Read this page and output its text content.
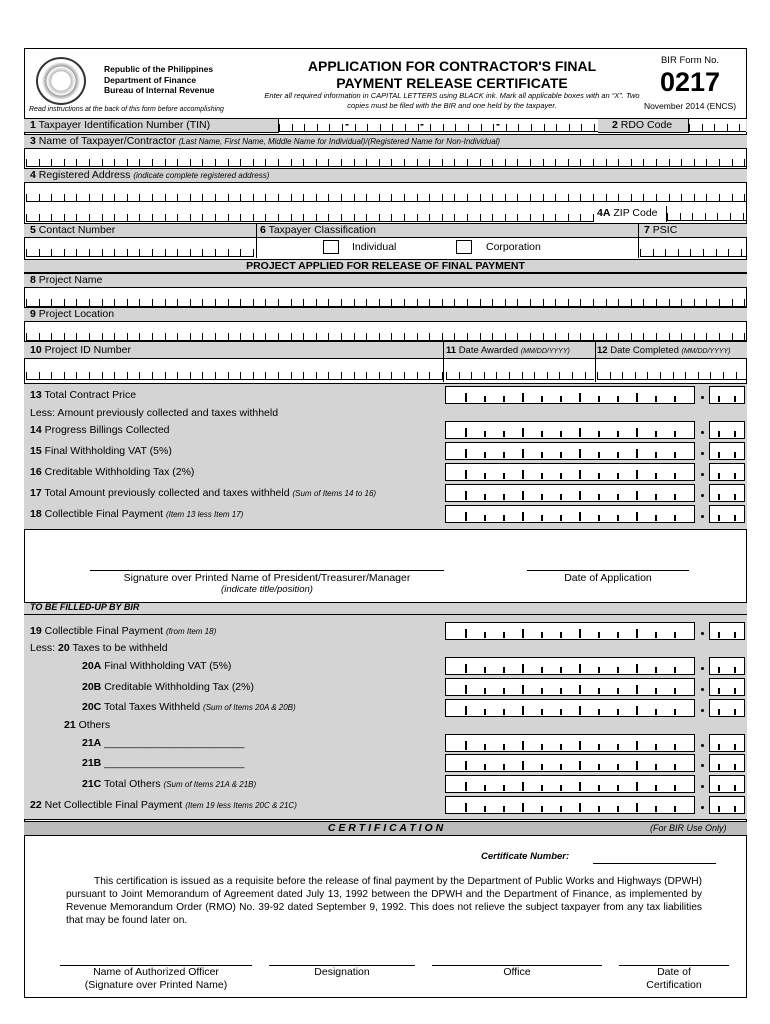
Republic of the Philippines
Department of Finance
Bureau of Internal Revenue
APPLICATION FOR CONTRACTOR'S FINAL
PAYMENT RELEASE CERTIFICATE
Enter all required information in CAPITAL LETTERS using BLACK ink. Mark all applicable boxes with an “X”. Two copies must be filed with the BIR and one held by the taxpayer.
BIR Form No.
0217
November 2014 (ENCS)
Read instructions at the back of this form before accomplishing
1 Taxpayer Identification Number (TIN)	-	-	-	2 RDO Code
3 Name of Taxpayer/Contractor (Last Name, First Name, Middle Name for Individual)/(Registered Name for Non-Individual)
4 Registered Address (indicate complete registered address)
4A ZIP Code
5 Contact Number	6 Taxpayer Classification	7 PSIC
Individual	Corporation
PROJECT APPLIED FOR RELEASE OF FINAL PAYMENT
8 Project Name
9 Project Location
10 Project ID Number	11 Date Awarded (MM/DD/YYYY)	12 Date Completed (MM/DD/YYYY)
13 Total Contract Price
Less: Amount previously collected and taxes withheld
14 Progress Billings Collected
15 Final Withholding VAT (5%)
16 Creditable Withholding Tax (2%)
17 Total Amount previously collected and taxes withheld (Sum of Items 14 to 16)
18 Collectible Final Payment (Item 13 less Item 17)
Signature over Printed Name of President/Treasurer/Manager
(indicate title/position)
Date of Application
TO BE FILLED-UP BY BIR
19 Collectible Final Payment (from Item 18)
Less: 20 Taxes to be withheld
20A Final Withholding VAT (5%)
20B Creditable Withholding Tax (2%)
20C Total Taxes Withheld (Sum of Items 20A & 20B)
21 Others
21A ________________________
21B ________________________
21C Total Others (Sum of Items 21A & 21B)
22 Net Collectible Final Payment (Item 19 less Items 20C & 21C)
C E R T I F I C A T I O N	(For BIR Use Only)
Certificate Number:
This certification is issued as a requisite before the release of final payment by the Department of Public Works and Highways (DPWH) pursuant to Joint Memorandum of Agreement dated July 13, 1992 between the DPWH and the Department of Finance, as implemented by Revenue Memorandum Order (RMO) No. 39-92 dated September 9, 1992. This does not relieve the subject taxpayer from any tax liabilities that may be found later on.
Name of Authorized Officer
(Signature over Printed Name)
Designation	Office	Date of
Certification
